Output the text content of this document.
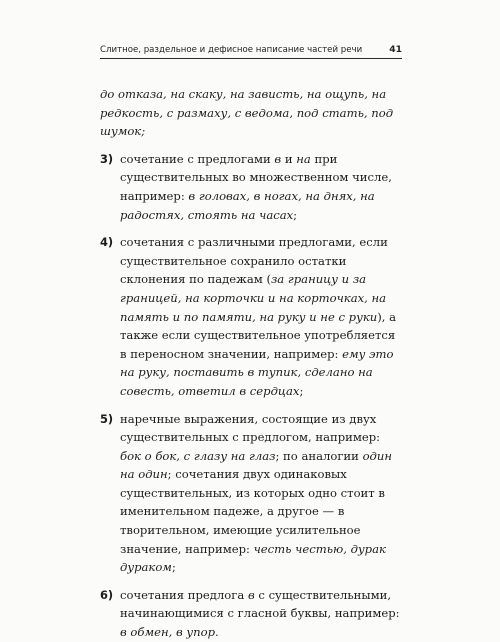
Слитное, раздельное и дефисное написание частей речи	41
до отказа, на скаку, на зависть, на ощупь, на редкость, с размаху, с ведома, под стать, под шумок;
3) сочетание с предлогами в и на при существительных во множественном числе, например: в головах, в ногах, на днях, на радостях, стоять на часах;
4) сочетания с различными предлогами, если существительное сохранило остатки склонения по падежам (за границу и за границей, на корточки и на корточках, на память и по памяти, на руку и не с руки), а также если существительное употребляется в переносном значении, например: ему это на руку, поставить в тупик, сделано на совесть, ответил в сердцах;
5) наречные выражения, состоящие из двух существительных с предлогом, например: бок о бок, с глазу на глаз; по аналогии один на один; сочетания двух одинаковых существительных, из которых одно стоит в именительном падеже, а другое — в творительном, имеющие усилительное значение, например: честь честью, дурак дураком;
6) сочетания предлога в с существительными, начинающимися с гласной буквы, например: в обмен, в упор.
